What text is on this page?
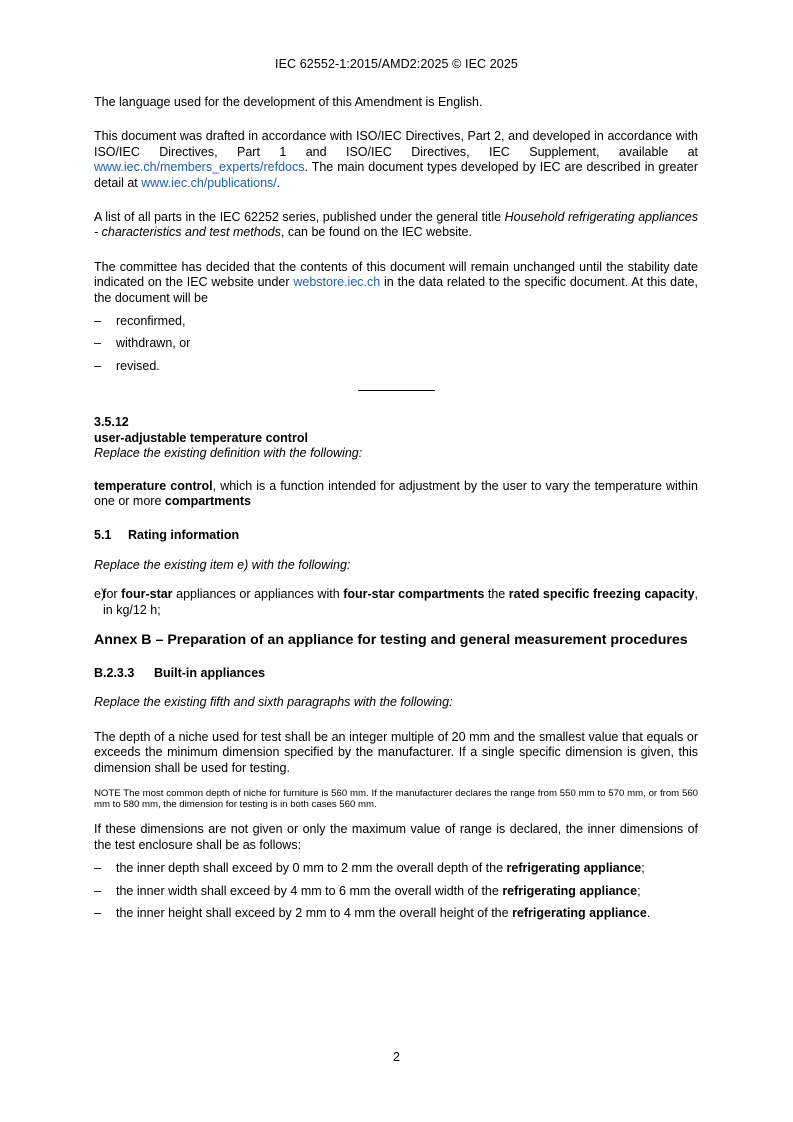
IEC 62552-1:2015/AMD2:2025 © IEC 2025

The language used for the development of this Amendment is English.

This document was drafted in accordance with ISO/IEC Directives, Part 2, and developed in accordance with ISO/IEC Directives, Part 1 and ISO/IEC Directives, IEC Supplement, available at www.iec.ch/members_experts/refdocs. The main document types developed by IEC are described in greater detail at www.iec.ch/publications/.

A list of all parts in the IEC 62252 series, published under the general title Household refrigerating appliances - characteristics and test methods, can be found on the IEC website.

The committee has decided that the contents of this document will remain unchanged until the stability date indicated on the IEC website under webstore.iec.ch in the data related to the specific document. At this date, the document will be

– reconfirmed,
– withdrawn, or
– revised.

3.5.12

user-adjustable temperature control

Replace the existing definition with the following:

temperature control, which is a function intended for adjustment by the user to vary the temperature within one or more compartments

5.1 Rating information

Replace the existing item e) with the following:

e)
for four-star appliances or appliances with four-star compartments the rated specific freezing capacity, in kg/12 h;

Annex B – Preparation of an appliance for testing and general measurement procedures

B.2.3.3 Built-in appliances

Replace the existing fifth and sixth paragraphs with the following:

The depth of a niche used for test shall be an integer multiple of 20 mm and the smallest value that equals or exceeds the minimum dimension specified by the manufacturer. If a single specific dimension is given, this dimension shall be used for testing.

NOTE The most common depth of niche for furniture is 560 mm. If the manufacturer declares the range from 550 mm to 570 mm, or from 560 mm to 580 mm, the dimension for testing is in both cases 560 mm.

If these dimensions are not given or only the maximum value of range is declared, the inner dimensions of the test enclosure shall be as follows:

– the inner depth shall exceed by 0 mm to 2 mm the overall depth of the refrigerating appliance;
– the inner width shall exceed by 4 mm to 6 mm the overall width of the refrigerating appliance;
– the inner height shall exceed by 2 mm to 4 mm the overall height of the refrigerating appliance.
2
